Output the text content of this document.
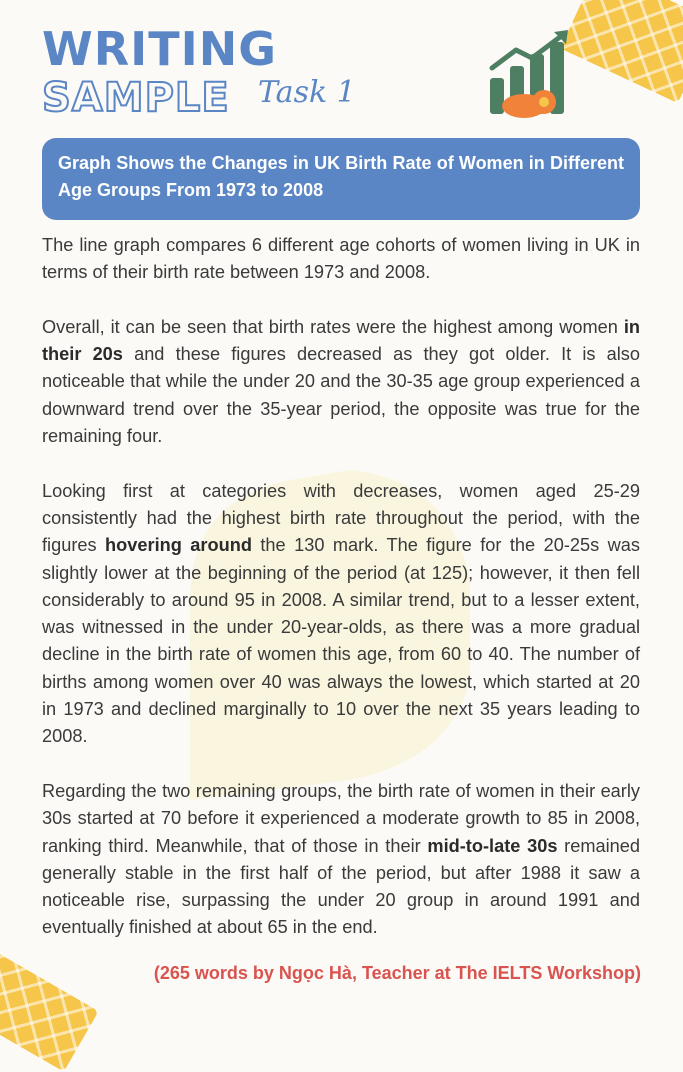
WRITING
SAMPLE Task 1
Graph Shows the Changes in UK Birth Rate of Women in Different Age Groups From 1973 to 2008

The line graph compares 6 different age cohorts of women living in UK in terms of their birth rate between 1973 and 2008.

Overall, it can be seen that birth rates were the highest among women in their 20s and these figures decreased as they got older. It is also noticeable that while the under 20 and the 30-35 age group experienced a downward trend over the 35-year period, the opposite was true for the remaining four.

Looking first at categories with decreases, women aged 25-29 consistently had the highest birth rate throughout the period, with the figures hovering around the 130 mark. The figure for the 20-25s was slightly lower at the beginning of the period (at 125); however, it then fell considerably to around 95 in 2008. A similar trend, but to a lesser extent, was witnessed in the under 20-year-olds, as there was a more gradual decline in the birth rate of women this age, from 60 to 40. The number of births among women over 40 was always the lowest, which started at 20 in 1973 and declined marginally to 10 over the next 35 years leading to 2008.

Regarding the two remaining groups, the birth rate of women in their early 30s started at 70 before it experienced a moderate growth to 85 in 2008, ranking third. Meanwhile, that of those in their mid-to-late 30s remained generally stable in the first half of the period, but after 1988 it saw a noticeable rise, surpassing the under 20 group in around 1991 and eventually finished at about 65 in the end.

(265 words by Ngọc Hà, Teacher at The IELTS Workshop)
